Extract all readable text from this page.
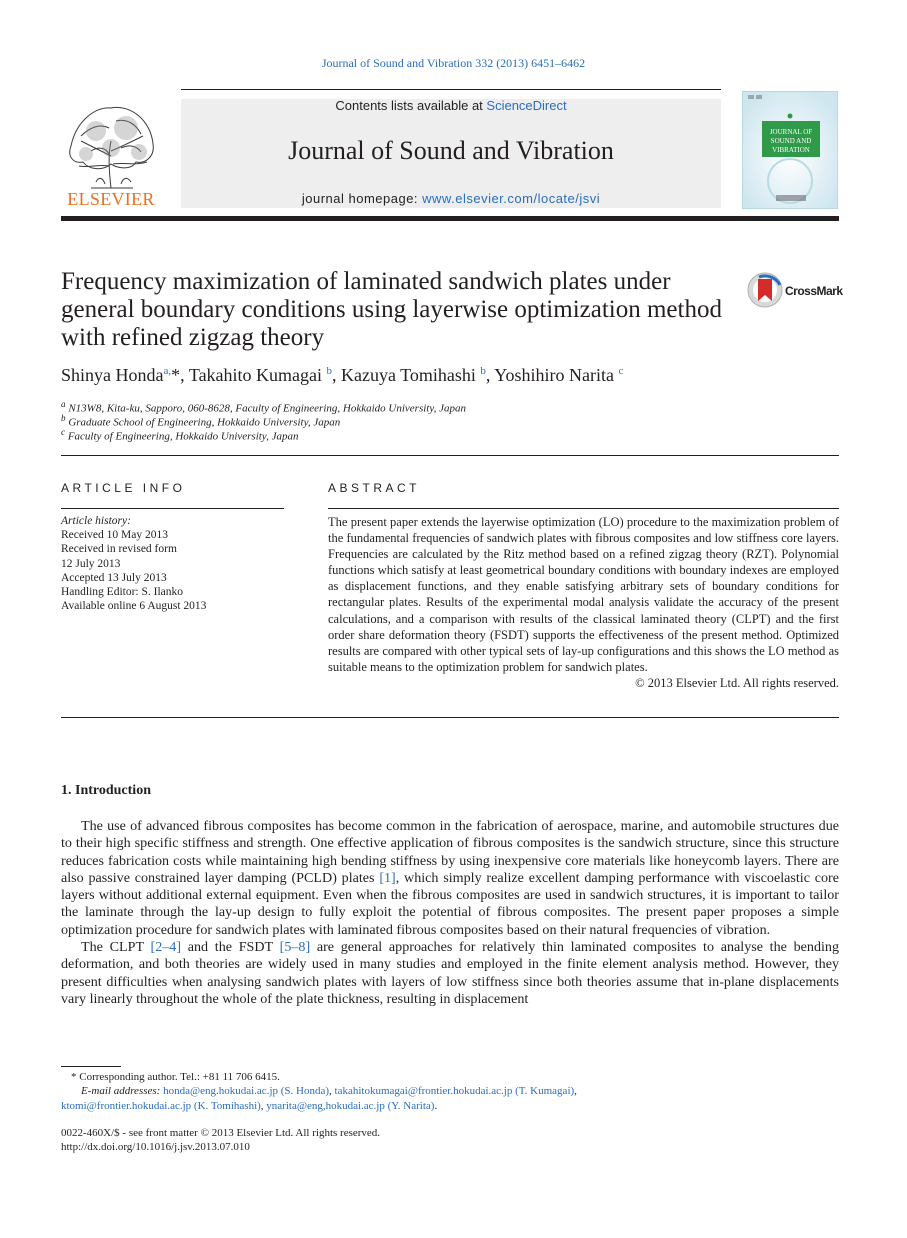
Journal of Sound and Vibration 332 (2013) 6451–6462
ELSEVIER
Contents lists available at ScienceDirect
Journal of Sound and Vibration
journal homepage: www.elsevier.com/locate/jsvi
JOURNAL OF SOUND AND VIBRATION
Frequency maximization of laminated sandwich plates under general boundary conditions using layerwise optimization method with refined zigzag theory
CrossMark
Shinya Honda$^{a,}$*, Takahito Kumagai $^b$, Kazuya Tomihashi $^b$, Yoshihiro Narita $^c$
$^a$ N13W8, Kita-ku, Sapporo, 060-8628, Faculty of Engineering, Hokkaido University, Japan
$^b$ Graduate School of Engineering, Hokkaido University, Japan
$^c$ Faculty of Engineering, Hokkaido University, Japan
ARTICLE INFO
Article history:
Received 10 May 2013
Received in revised form
12 July 2013
Accepted 13 July 2013
Handling Editor: S. Ilanko
Available online 6 August 2013
ABSTRACT
The present paper extends the layerwise optimization (LO) procedure to the maximization problem of the fundamental frequencies of sandwich plates with fibrous composites and low stiffness core layers. Frequencies are calculated by the Ritz method based on a refined zigzag theory (RZT). Polynomial functions which satisfy at least geometrical boundary conditions with boundary indexes are employed as displacement functions, and they enable satisfying arbitrary sets of boundary conditions for rectangular plates. Results of the experimental modal analysis validate the accuracy of the present calculations, and a comparison with results of the classical laminated theory (CLPT) and the first order share deformation theory (FSDT) supports the effectiveness of the present method. Optimized results are compared with other typical sets of lay-up configurations and this shows the LO method as suitable means to the optimization problem for sandwich plates.
© 2013 Elsevier Ltd. All rights reserved.
1. Introduction

The use of advanced fibrous composites has become common in the fabrication of aerospace, marine, and automobile structures due to their high specific stiffness and strength. One effective application of fibrous composites is the sandwich structure, since this structure reduces fabrication costs while maintaining high bending stiffness by using inexpensive core materials like honeycomb layers. There are also passive constrained layer damping (PCLD) plates [1], which simply realize excellent damping performance with viscoelastic core layers without additional external equipment. Even when the fibrous composites are used in sandwich structures, it is important to tailor the laminate through the lay-up design to fully exploit the potential of fibrous composites. The present paper proposes a simple optimization procedure for sandwich plates with laminated fibrous composites based on their natural frequencies of vibration.

The CLPT [2–4] and the FSDT [5–8] are general approaches for relatively thin laminated composites to analyse the bending deformation, and both theories are widely used in many studies and employed in the finite element analysis method. However, they present difficulties when analysing sandwich plates with layers of low stiffness since both theories assume that in-plane displacements vary linearly throughout the whole of the plate thickness, resulting in displacement

* Corresponding author. Tel.: +81 11 706 6415.
E-mail addresses: honda@eng.hokudai.ac.jp (S. Honda), takahitokumagai@frontier.hokudai.ac.jp (T. Kumagai),
ktomi@frontier.hokudai.ac.jp (K. Tomihashi), ynarita@eng,hokudai.ac.jp (Y. Narita).
0022-460X/$ - see front matter © 2013 Elsevier Ltd. All rights reserved.
http://dx.doi.org/10.1016/j.jsv.2013.07.010
